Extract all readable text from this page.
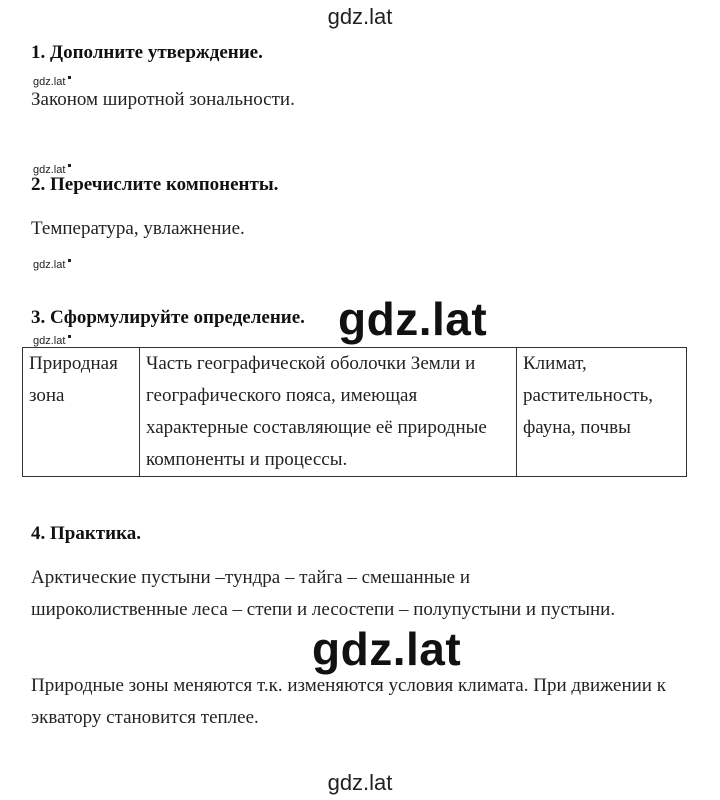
gdz.lat
1. Дополните утверждение.
gdz.lat
Законом широтной зональности.
gdz.lat
2. Перечислите компоненты.
Температура, увлажнение.
gdz.lat
3. Сформулируйте определение.
gdz.lat	gdz.lat
Природная зона	Часть географической оболочки Земли и географического пояса, имеющая характерные составляющие её природные компоненты и процессы.	Климат, растительность, фауна, почвы
4. Практика.
Арктические пустыни –тундра – тайга – смешанные и широколиственные леса – степи и лесостепи – полупустыни и пустыни.
gdz.lat
Природные зоны меняются т.к. изменяются условия климата. При движении к экватору становится теплее.
gdz.lat
